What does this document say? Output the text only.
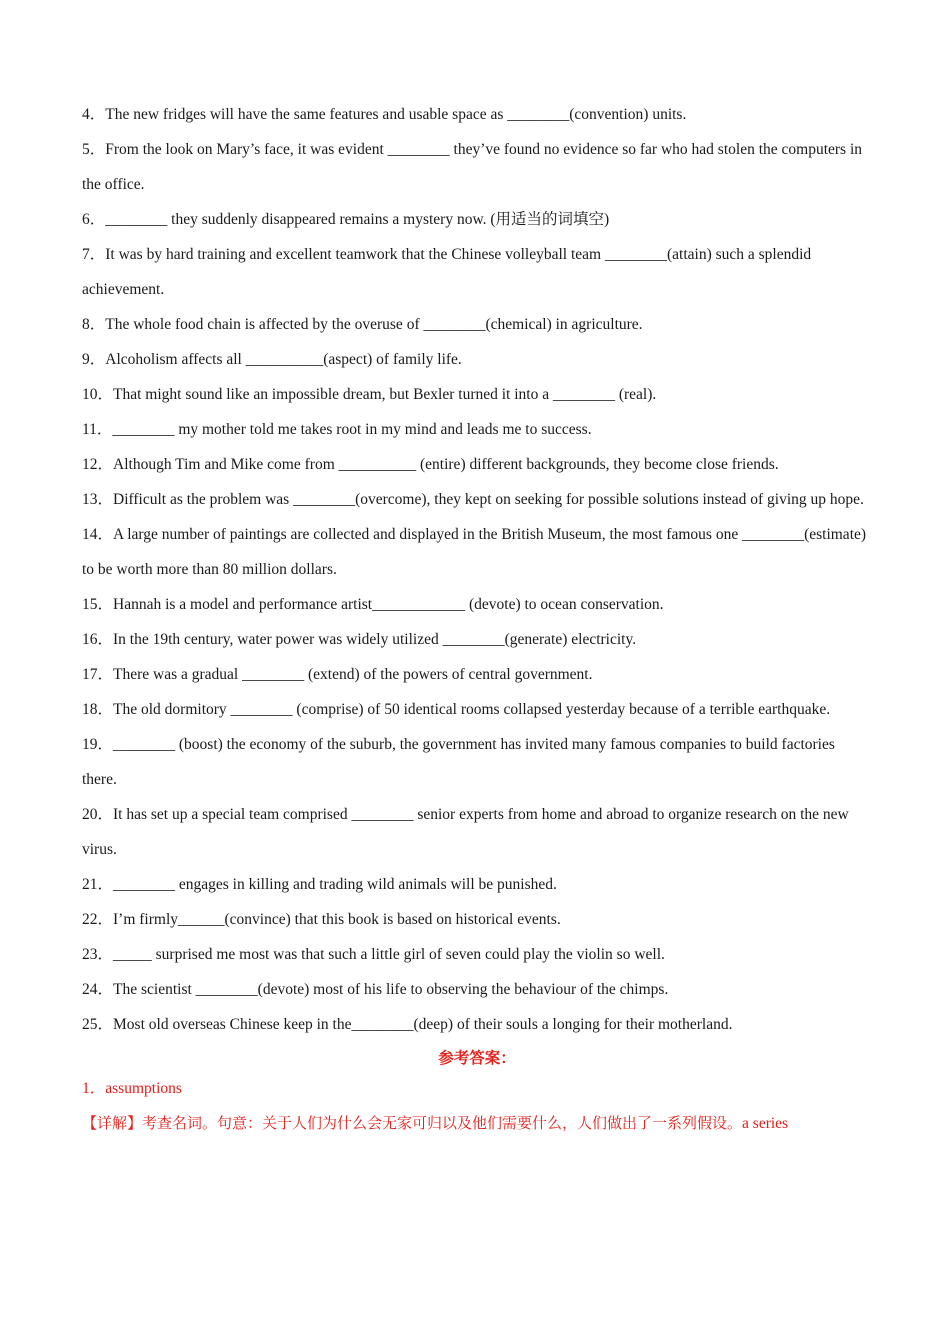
4．The new fridges will have the same features and usable space as ________(convention) units.

5．From the look on Mary’s face, it was evident ________ they’ve found no evidence so far who had stolen the computers in the office.

6．________ they suddenly disappeared remains a mystery now. (用适当的词填空)

7．It was by hard training and excellent teamwork that the Chinese volleyball team ________(attain) such a splendid achievement.

8．The whole food chain is affected by the overuse of ________(chemical) in agriculture.

9．Alcoholism affects all __________(aspect) of family life.

10．That might sound like an impossible dream, but Bexler turned it into a ________ (real).

11．________ my mother told me takes root in my mind and leads me to success.

12．Although Tim and Mike come from __________ (entire) different backgrounds, they become close friends.

13．Difficult as the problem was ________(overcome), they kept on seeking for possible solutions instead of giving up hope.

14．A large number of paintings are collected and displayed in the British Museum, the most famous one ________(estimate) to be worth more than 80 million dollars.

15．Hannah is a model and performance artist____________ (devote) to ocean conservation.

16．In the 19th century, water power was widely utilized ________(generate) electricity.

17．There was a gradual ________ (extend) of the powers of central government.

18．The old dormitory ________ (comprise) of 50 identical rooms collapsed yesterday because of a terrible earthquake.

19．________ (boost) the economy of the suburb, the government has invited many famous companies to build factories there.

20．It has set up a special team comprised ________ senior experts from home and abroad to organize research on the new virus.

21．________ engages in killing and trading wild animals will be punished.

22．I’m firmly______(convince) that this book is based on historical events.

23．_____ surprised me most was that such a little girl of seven could play the violin so well.

24．The scientist ________(devote) most of his life to observing the behaviour of the chimps.

25．Most old overseas Chinese keep in the________(deep) of their souls a longing for their motherland.

参考答案：
1．assumptions
【详解】考查名词。句意：关于人们为什么会无家可归以及他们需要什么，人们做出了一系列假设。a series
